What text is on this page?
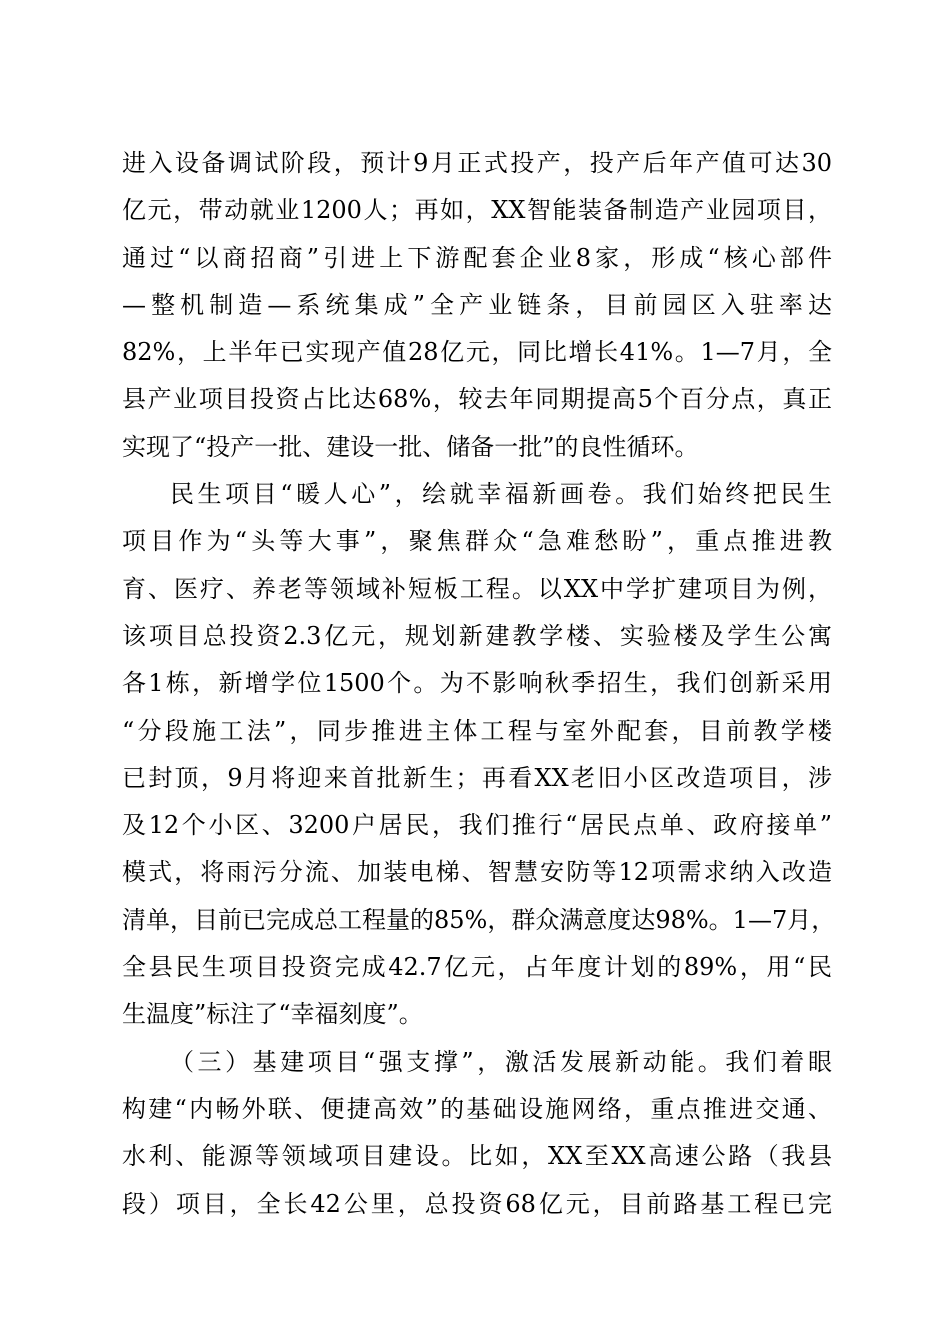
进入设备调试阶段，预计9月正式投产，投产后年产值可达30
亿元，带动就业1200人；再如，XX智能装备制造产业园项目，
通过“以商招商”引进上下游配套企业8家，形成“核心部件
—整机制造—系统集成”全产业链条，目前园区入驻率达
82%，上半年已实现产值28亿元，同比增长41%。1—7月，全
县产业项目投资占比达68%，较去年同期提高5个百分点，真正
实现了“投产一批、建设一批、储备一批”的良性循环。
民生项目“暖人心”，绘就幸福新画卷。我们始终把民生
项目作为“头等大事”，聚焦群众“急难愁盼”，重点推进教
育、医疗、养老等领域补短板工程。以XX中学扩建项目为例，
该项目总投资2.3亿元，规划新建教学楼、实验楼及学生公寓
各1栋，新增学位1500个。为不影响秋季招生，我们创新采用
“分段施工法”，同步推进主体工程与室外配套，目前教学楼
已封顶，9月将迎来首批新生；再看XX老旧小区改造项目，涉
及12个小区、3200户居民，我们推行“居民点单、政府接单”
模式，将雨污分流、加装电梯、智慧安防等12项需求纳入改造
清单，目前已完成总工程量的85%，群众满意度达98%。1—7月，
全县民生项目投资完成42.7亿元，占年度计划的89%，用“民
生温度”标注了“幸福刻度”。
（三）基建项目“强支撑”，激活发展新动能。我们着眼
构建“内畅外联、便捷高效”的基础设施网络，重点推进交通、
水利、能源等领域项目建设。比如，XX至XX高速公路（我县
段）项目，全长42公里，总投资68亿元，目前路基工程已完
